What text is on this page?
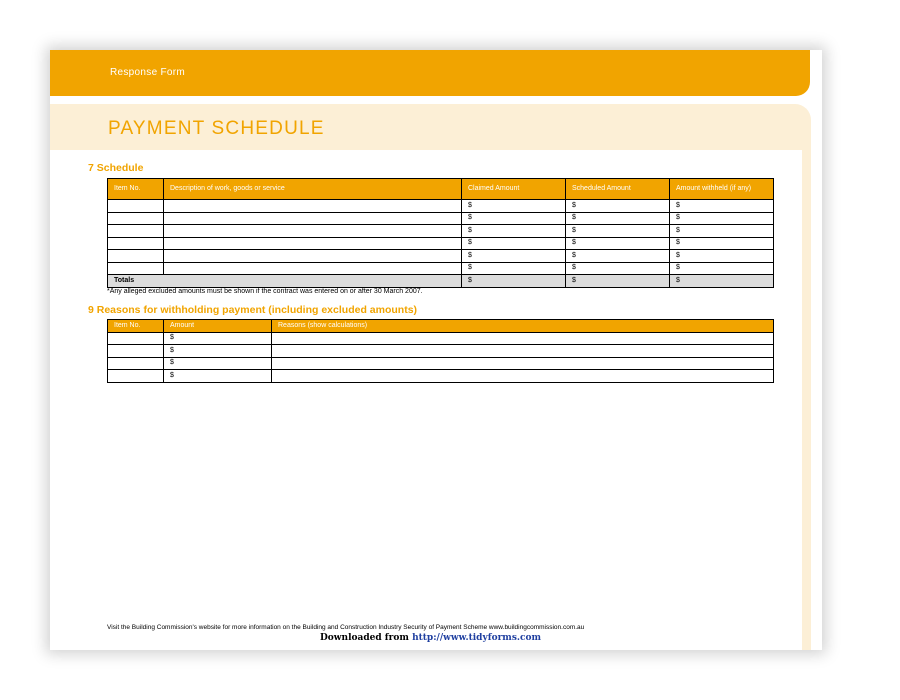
Response Form
PAYMENT SCHEDULE
7 Schedule
Item No.	Description of work, goods or service	Claimed Amount	Scheduled Amount	Amount withheld (if any)
		$	$	$
		$	$	$
		$	$	$
		$	$	$
		$	$	$
		$	$	$
Totals		$	$	$
*Any alleged excluded amounts must be shown if the contract was entered on or after 30 March 2007.
9 Reasons for withholding payment (including excluded amounts)
Item No.	Amount	Reasons (show calculations)
	$	
	$	
	$	
	$	
Visit the Building Commission's website for more information on the Building and Construction Industry Security of Payment Scheme www.buildingcommission.com.au
Downloaded from http://www.tidyforms.com
